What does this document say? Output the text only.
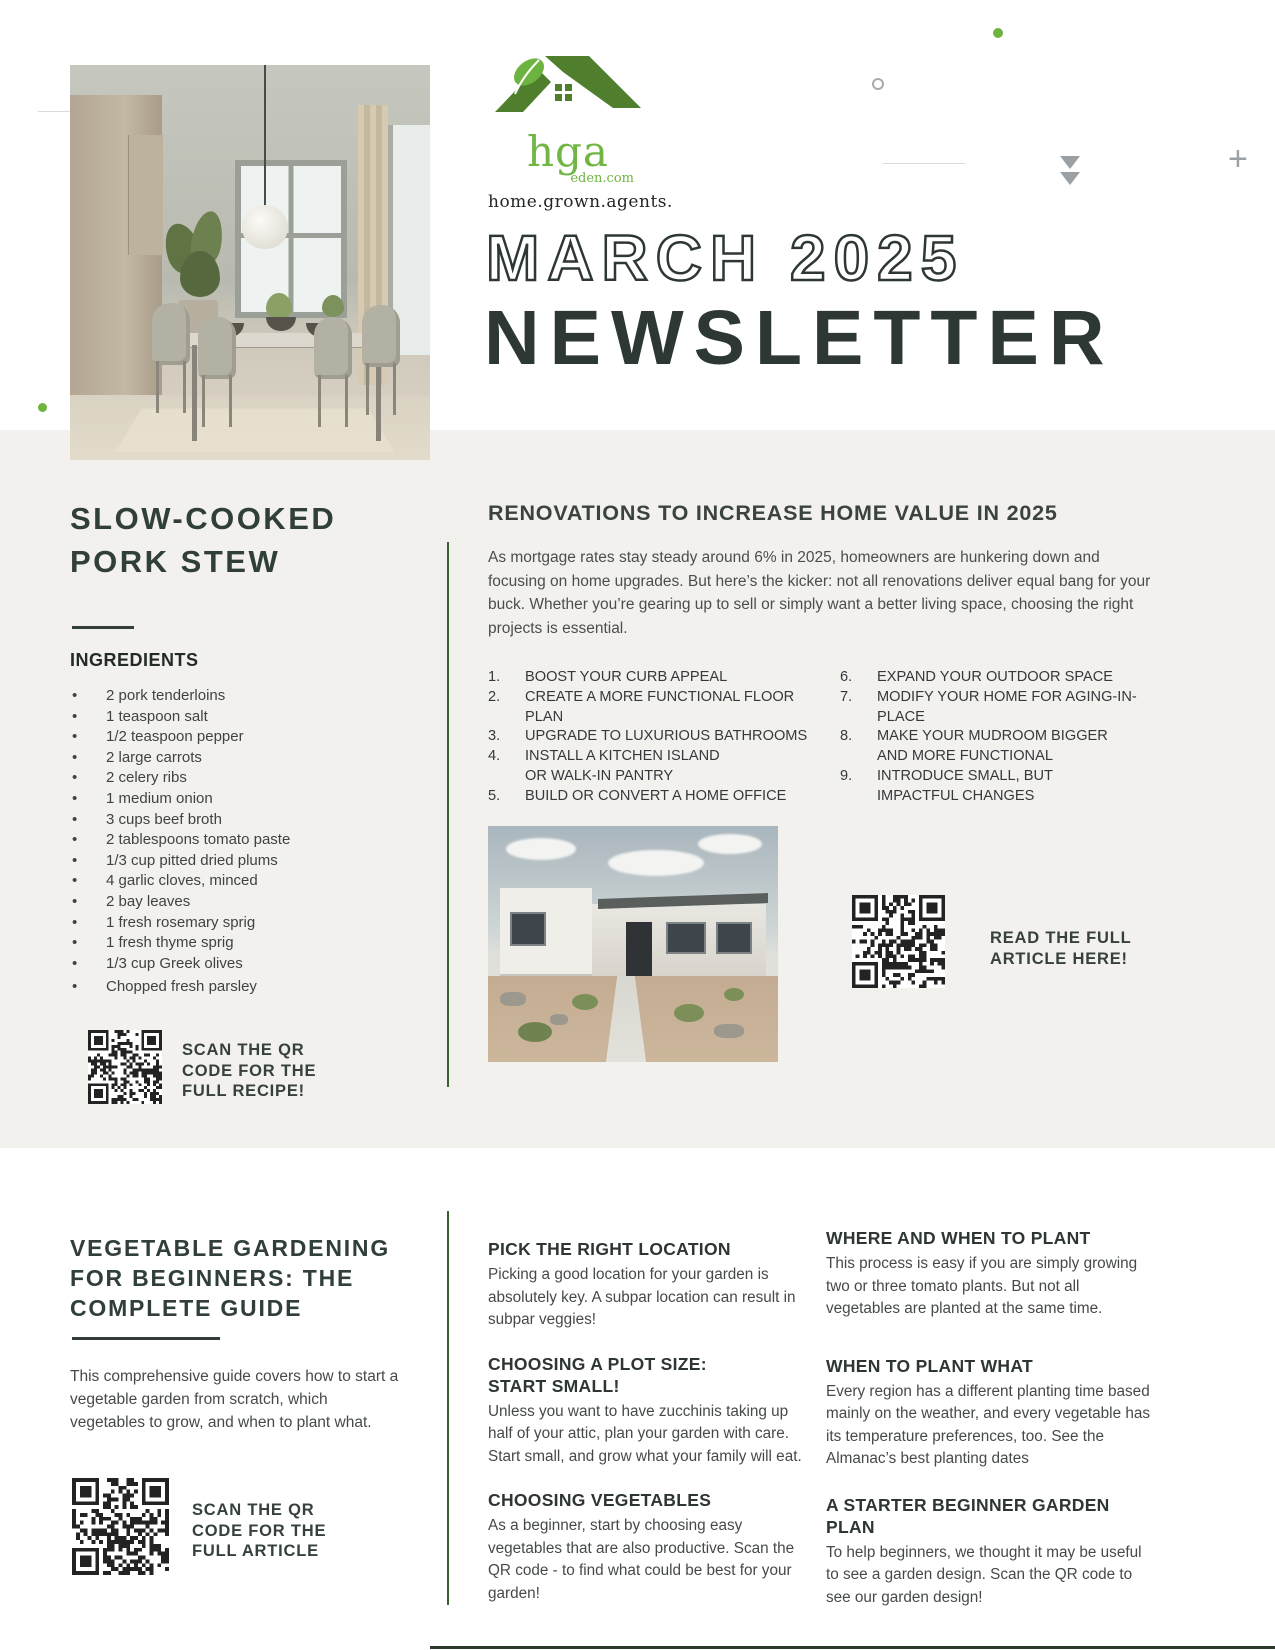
+
hga
eden.com
home.grown.agents.
MARCH 2025
NEWSLETTER
SLOW-COOKED PORK STEW
INGREDIENTS
• 2 pork tenderloins
• 1 teaspoon salt
• 1/2 teaspoon pepper
• 2 large carrots
• 2 celery ribs
• 1 medium onion
• 3 cups beef broth
• 2 tablespoons tomato paste
• 1/3 cup pitted dried plums
• 4 garlic cloves, minced
• 2 bay leaves
• 1 fresh rosemary sprig
• 1 fresh thyme sprig
• 1/3 cup Greek olives
• Chopped fresh parsley
SCAN THE QR CODE FOR THE FULL RECIPE!
RENOVATIONS TO INCREASE HOME VALUE IN 2025
As mortgage rates stay steady around 6% in 2025, homeowners are hunkering down and focusing on home upgrades. But here’s the kicker: not all renovations deliver equal bang for your buck. Whether you’re gearing up to sell or simply want a better living space, choosing the right projects is essential.
1.	BOOST YOUR CURB APPEAL
2.	CREATE A MORE FUNCTIONAL FLOOR PLAN
3.	UPGRADE TO LUXURIOUS BATHROOMS
4.	INSTALL A KITCHEN ISLAND OR WALK-IN PANTRY
5.	BUILD OR CONVERT A HOME OFFICE
6.	EXPAND YOUR OUTDOOR SPACE
7.	MODIFY YOUR HOME FOR AGING-IN-PLACE
8.	MAKE YOUR MUDROOM BIGGER AND MORE FUNCTIONAL
9.	INTRODUCE SMALL, BUT IMPACTFUL CHANGES
READ THE FULL ARTICLE HERE!
VEGETABLE GARDENING FOR BEGINNERS: THE COMPLETE GUIDE
This comprehensive guide covers how to start a vegetable garden from scratch, which vegetables to grow, and when to plant what.
SCAN THE QR CODE FOR THE FULL ARTICLE
PICK THE RIGHT LOCATION
Picking a good location for your garden is absolutely key. A subpar location can result in subpar veggies!
CHOOSING A PLOT SIZE: START SMALL!
Unless you want to have zucchinis taking up half of your attic, plan your garden with care. Start small, and grow what your family will eat.
CHOOSING VEGETABLES
As a beginner, start by choosing easy vegetables that are also productive. Scan the QR code - to find what could be best for your garden!
WHERE AND WHEN TO PLANT
This process is easy if you are simply growing two or three tomato plants. But not all vegetables are planted at the same time.
WHEN TO PLANT WHAT
Every region has a different planting time based mainly on the weather, and every vegetable has its temperature preferences, too. See the Almanac’s best planting dates
A STARTER BEGINNER GARDEN PLAN
To help beginners, we thought it may be useful to see a garden design. Scan the QR code to see our garden design!
